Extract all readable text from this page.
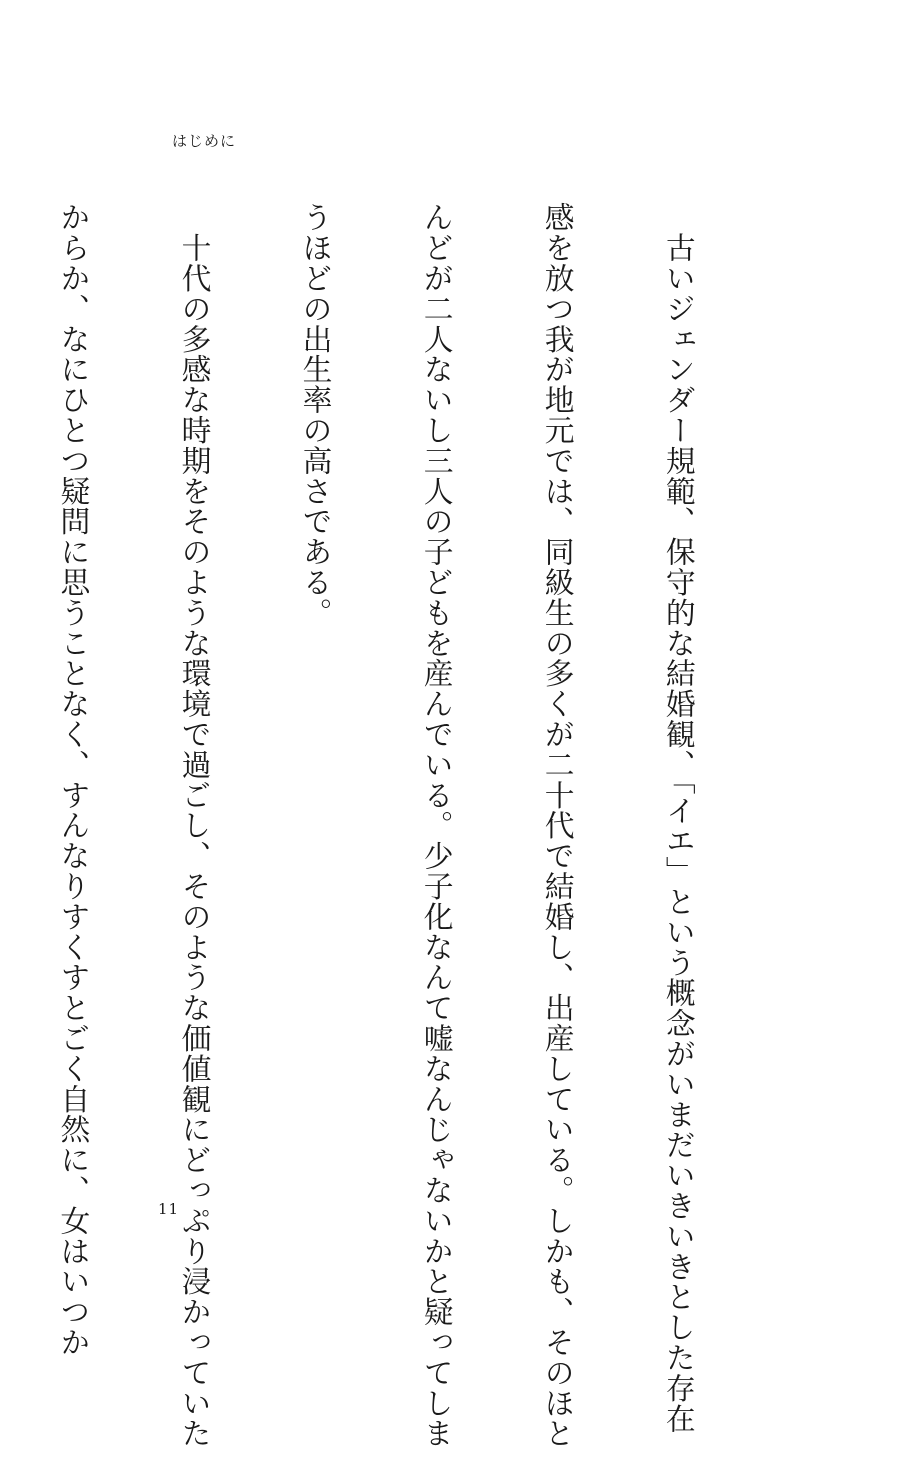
はじめに

　古いジェンダー規範、保守的な結婚観、「イエ」という概念がいまだいきいきとした存在

感を放つ我が地元では、同級生の多くが二十代で結婚し、出産している。しかも、そのほと

んどが二人ないし三人の子どもを産んでいる。少子化なんて嘘なんじゃないかと疑ってしま

うほどの出生率の高さである。

　十代の多感な時期をそのような環境で過ごし、そのような価値観にどっぷり浸かっていた

からか、なにひとつ疑問に思うことなく、すんなりすくすとごく自然に、女はいつか

	11
